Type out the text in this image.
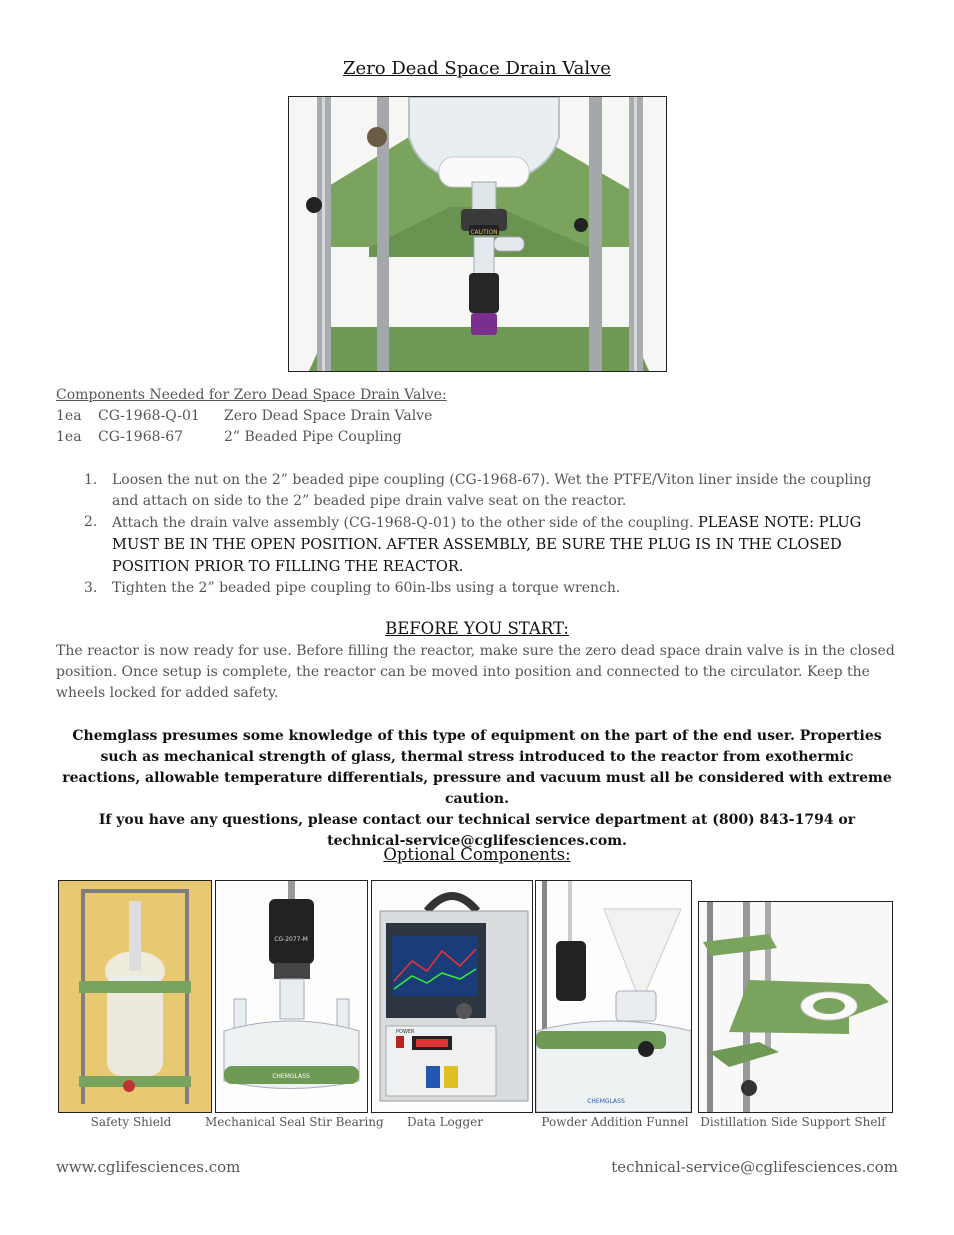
Zero Dead Space Drain Valve
CAUTION
Components Needed for Zero Dead Space Drain Valve:
1ea CG-1968-Q-01 Zero Dead Space Drain Valve
1ea CG-1968-67	2” Beaded Pipe Coupling
1. Loosen the nut on the 2” beaded pipe coupling (CG-1968-67). Wet the PTFE/Viton liner inside the coupling and attach on side to the 2” beaded pipe drain valve seat on the reactor.
2. Attach the drain valve assembly (CG-1968-Q-01) to the other side of the coupling. PLEASE NOTE: PLUG MUST BE IN THE OPEN POSITION. AFTER ASSEMBLY, BE SURE THE PLUG IS IN THE CLOSED POSITION PRIOR TO FILLING THE REACTOR.
3. Tighten the 2” beaded pipe coupling to 60in-lbs using a torque wrench.
BEFORE YOU START:
The reactor is now ready for use. Before filling the reactor, make sure the zero dead space drain valve is in the closed position. Once setup is complete, the reactor can be moved into position and connected to the circulator. Keep the wheels locked for added safety.
Chemglass presumes some knowledge of this type of equipment on the part of the end user. Properties such as mechanical strength of glass, thermal stress introduced to the reactor from exothermic reactions, allowable temperature differentials, pressure and vacuum must all be considered with extreme caution.
If you have any questions, please contact our technical service department at (800) 843-1794 or technical-service@cglifesciences.com.
Optional Components:
CG-2077-M
CHEMGLASS
POWER
CHEMGLASS
Safety Shield	Mechanical Seal Stir Bearing	Data Logger	Powder Addition Funnel Distillation Side Support Shelf
www.cglifesciences.com	technical-service@cglifesciences.com
